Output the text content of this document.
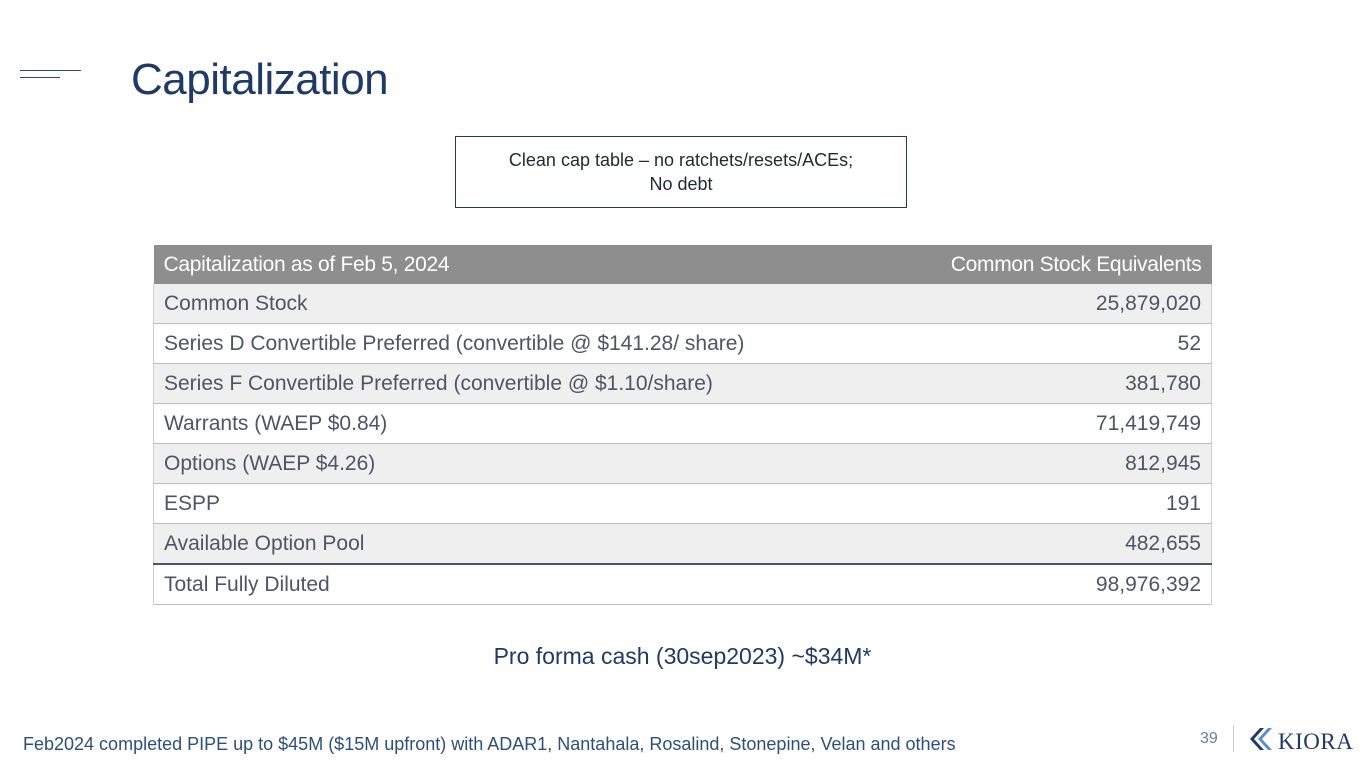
Capitalization
Clean cap table – no ratchets/resets/ACEs;
No debt
Capitalization as of Feb 5, 2024	Common Stock Equivalents
Common Stock	25,879,020
Series D Convertible Preferred (convertible @ $141.28/ share)	52
Series F Convertible Preferred (convertible @ $1.10/share)	381,780
Warrants (WAEP $0.84)	71,419,749
Options (WAEP $4.26)	812,945
ESPP	191
Available Option Pool	482,655
Total Fully Diluted	98,976,392
Pro forma cash (30sep2023) ~$34M*
Feb2024 completed PIPE up to $45M ($15M upfront) with ADAR1, Nantahala, Rosalind, Stonepine, Velan and others	39	KIORA
